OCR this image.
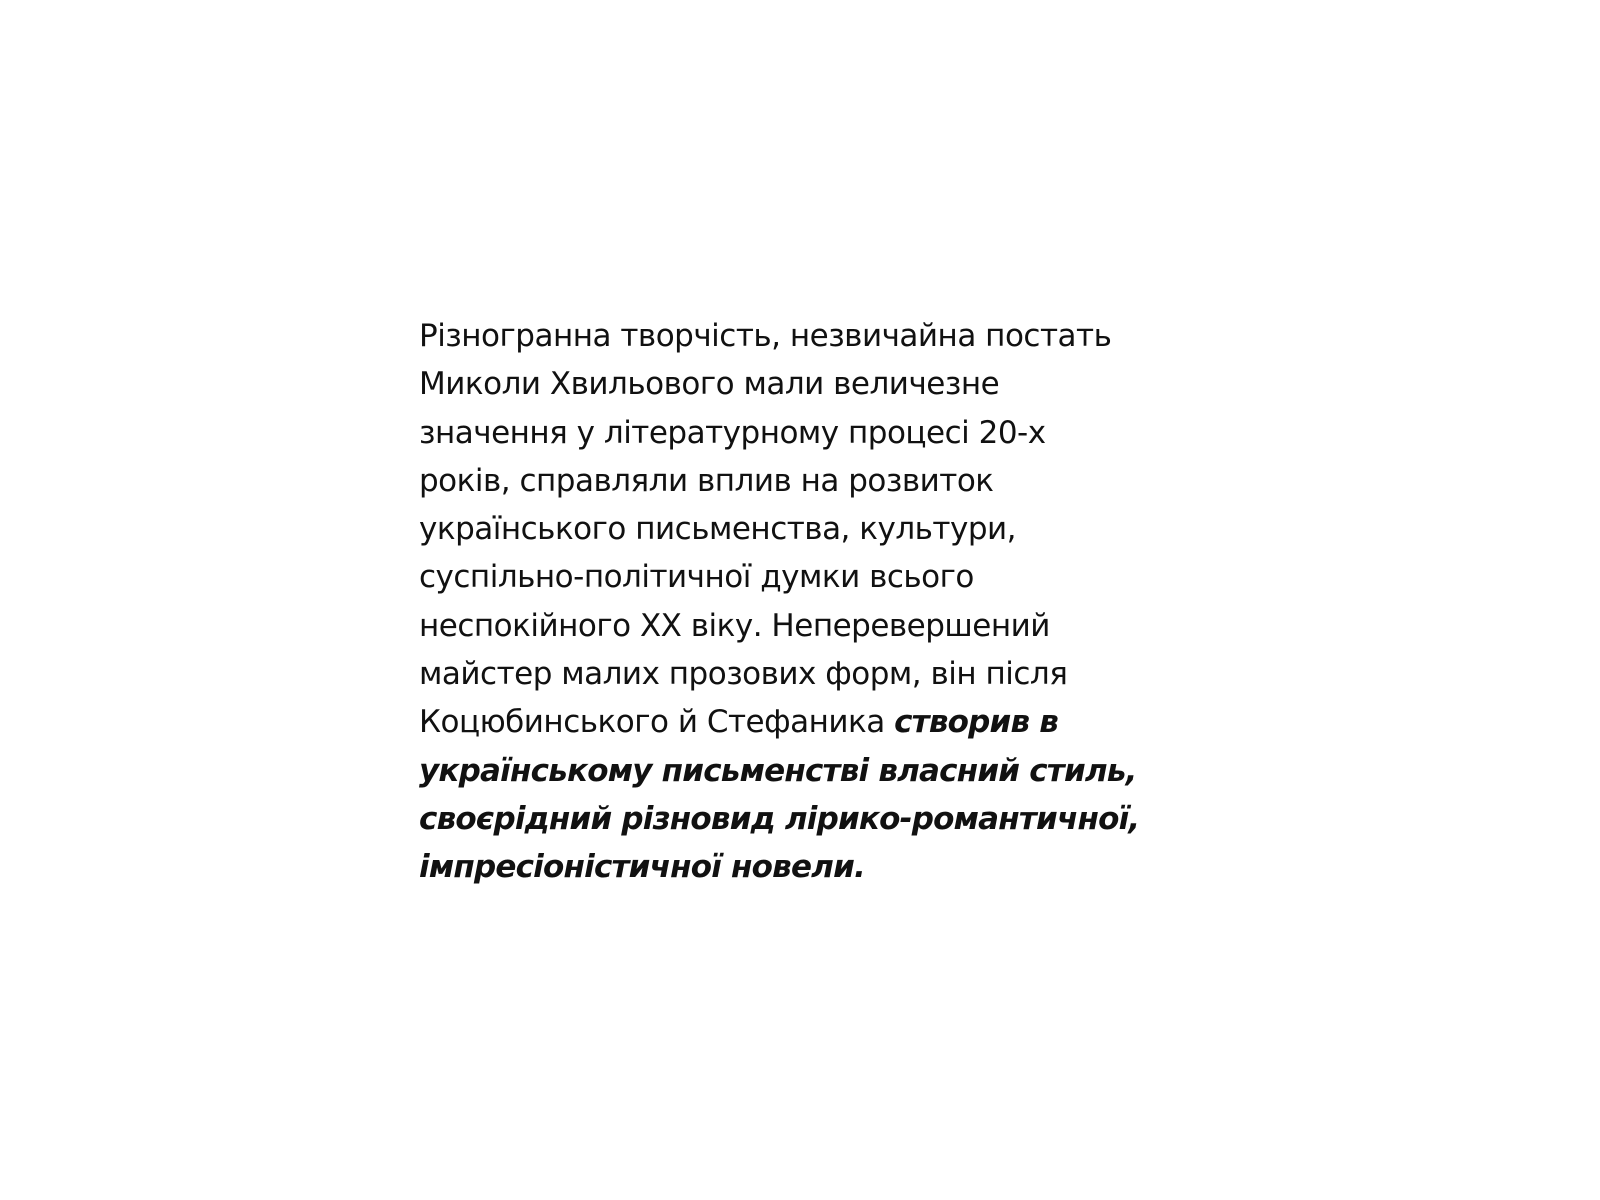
Різногранна творчість, незвичайна постать
Миколи Хвильового мали величезне
значення у літературному процесі 20-х
років, справляли вплив на розвиток
українського письменства, культури,
суспільно-політичної думки всього
неспокійного ХХ віку. Неперевершений
майстер малих прозових форм, він після
Коцюбинського й Стефаника створив в
українському письменстві власний стиль,
своєрідний різновид лірико-романтичної,
імпресіоністичної новели.
